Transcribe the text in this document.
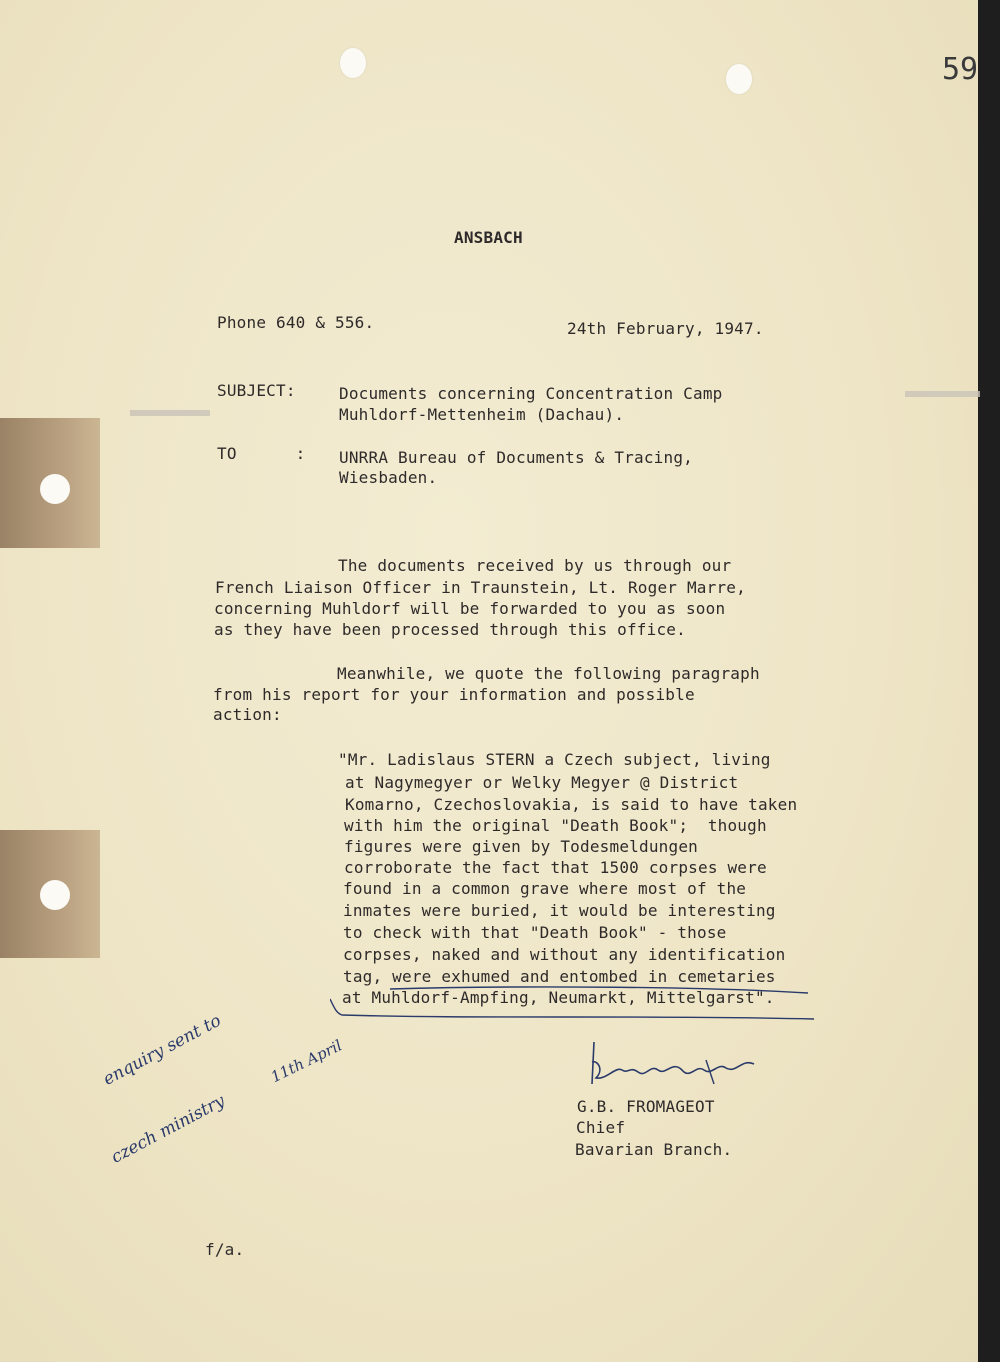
59
ANSBACH
Phone 640 & 556.	24th February, 1947.
SUBJECT:	Documents concerning Concentration Camp
Muhldorf-Mettenheim (Dachau).
TO      : UNRRA Bureau of Documents & Tracing,
Wiesbaden.
The documents received by us through our
French Liaison Officer in Traunstein, Lt. Roger Marre,
concerning Muhldorf will be forwarded to you as soon
as they have been processed through this office.
Meanwhile, we quote the following paragraph
from his report for your information and possible
action:
"Mr. Ladislaus STERN a Czech subject, living
at Nagymegyer or Welky Megyer @ District
Komarno, Czechoslovakia, is said to have taken
with him the original "Death Book";  though
figures were given by Todesmeldungen
corroborate the fact that 1500 corpses were
found in a common grave where most of the
inmates were buried, it would be interesting
to check with that "Death Book" - those
corpses, naked and without any identification
tag, were exhumed and entombed in cemetaries
at Muhldorf-Ampfing, Neumarkt, Mittelgarst".
G.B. FROMAGEOT
Chief
Bavarian Branch.
enquiry sent to
czech ministry
11th April
f/a.
